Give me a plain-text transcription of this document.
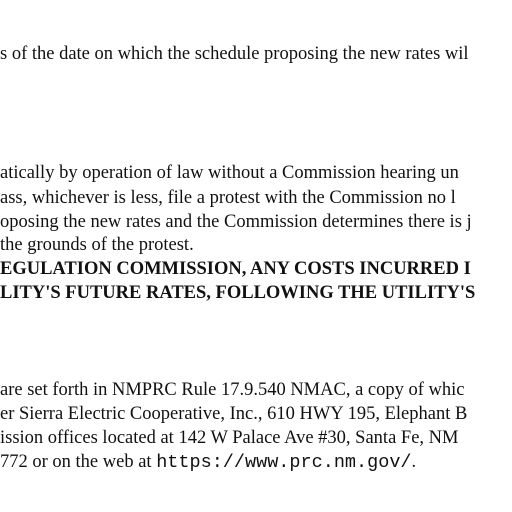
s of the date on which the schedule proposing the new rates wil
atically by operation of law without a Commission hearing un
ass, whichever is less, file a protest with the Commission no l
oposing the new rates and the Commission determines there is j
the grounds of the protest.
EGULATION COMMISSION, ANY COSTS INCURRED I
LITY'S FUTURE RATES, FOLLOWING THE UTILITY'S
are set forth in NMPRC Rule 17.9.540 NMAC, a copy of whic
er Sierra Electric Cooperative, Inc., 610 HWY 195, Elephant B
ission offices located at 142 W Palace Ave #30, Santa Fe, NM
772 or on the web at https://www.prc.nm.gov/.
